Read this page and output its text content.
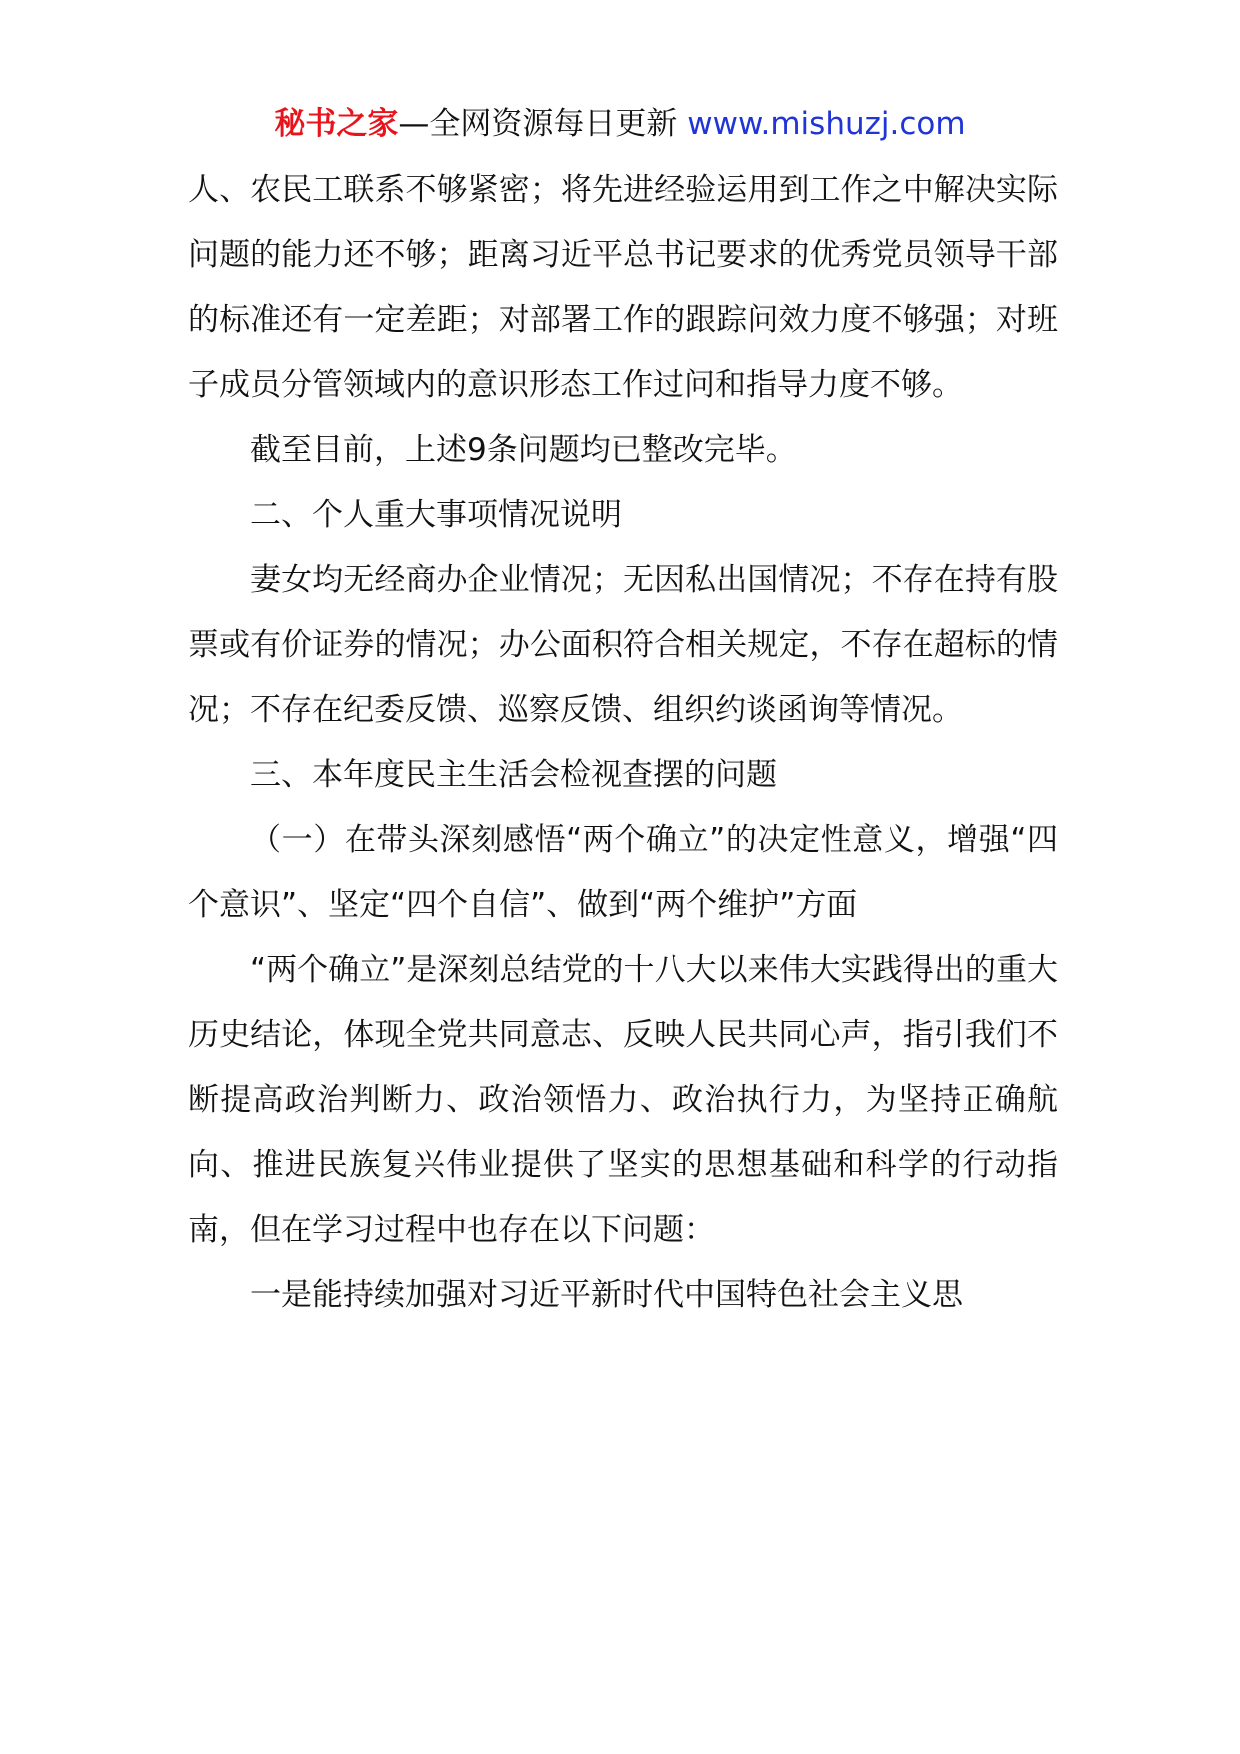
秘书之家—全网资源每日更新 www.mishuzj.com

人、农民工联系不够紧密；将先进经验运用到工作之中解决实际问题的能力还不够；距离习近平总书记要求的优秀党员领导干部的标准还有一定差距；对部署工作的跟踪问效力度不够强；对班子成员分管领域内的意识形态工作过问和指导力度不够。

截至目前，上述9条问题均已整改完毕。

二、个人重大事项情况说明

妻女均无经商办企业情况；无因私出国情况；不存在持有股票或有价证券的情况；办公面积符合相关规定，不存在超标的情况；不存在纪委反馈、巡察反馈、组织约谈函询等情况。

三、本年度民主生活会检视查摆的问题

（一）在带头深刻感悟“两个确立”的决定性意义，增强“四个意识”、坚定“四个自信”、做到“两个维护”方面

“两个确立”是深刻总结党的十八大以来伟大实践得出的重大历史结论，体现全党共同意志、反映人民共同心声，指引我们不断提高政治判断力、政治领悟力、政治执行力，为坚持正确航向、推进民族复兴伟业提供了坚实的思想基础和科学的行动指南，但在学习过程中也存在以下问题：

一是能持续加强对习近平新时代中国特色社会主义思
